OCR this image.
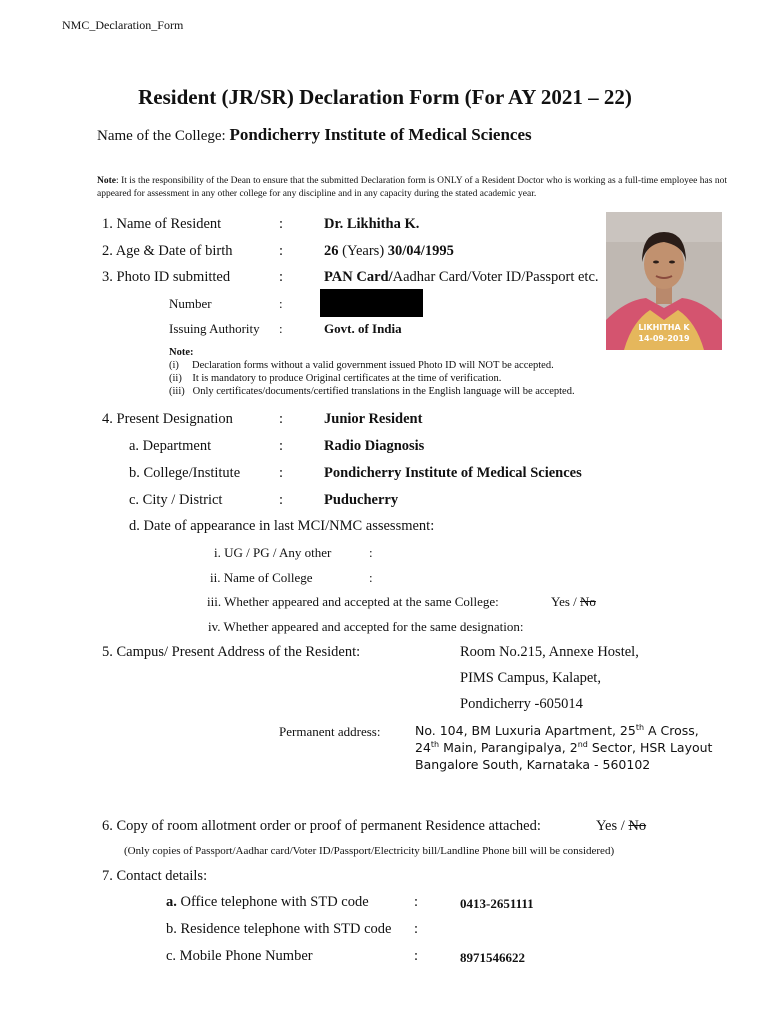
NMC_Declaration_Form
Resident (JR/SR) Declaration Form (For AY 2021 – 22)
Name of the College: Pondicherry Institute of Medical Sciences
Note: It is the responsibility of the Dean to ensure that the submitted Declaration form is ONLY of a Resident Doctor who is working as a full-time employee has not appeared for assessment in any other college for any discipline and in any capacity during the stated academic year.
1. Name of Resident	:	Dr. Likhitha K.
2. Age & Date of birth	:	26 (Years) 30/04/1995
3. Photo ID submitted	:	PAN Card/Aadhar Card/Voter ID/Passport etc.
Number	:
Issuing Authority :	Govt. of India	LIKHITHA K
14-09-2019
Note:
(i)     Declaration forms without a valid government issued Photo ID will NOT be accepted.
(ii)    It is mandatory to produce Original certificates at the time of verification.
(iii)   Only certificates/documents/certified translations in the English language will be accepted.
4. Present Designation	:	Junior Resident
a. Department	:	Radio Diagnosis
b. College/Institute	:	Pondicherry Institute of Medical Sciences
c. City / District	:	Puducherry
d. Date of appearance in last MCI/NMC assessment:
i. UG / PG / Any other	:
ii. Name of College	:
iii. Whether appeared and accepted at the same College:	Yes / No
iv. Whether appeared and accepted for the same designation:
5. Campus/ Present Address of the Resident:	Room No.215, Annexe Hostel,
PIMS Campus, Kalapet,
Pondicherry -605014
Permanent address:	No. 104, BM Luxuria Apartment, 25th A Cross,
24th Main, Parangipalya, 2nd Sector, HSR Layout
Bangalore South, Karnataka - 560102
6. Copy of room allotment order or proof of permanent Residence attached:	Yes / No
(Only copies of Passport/Aadhar card/Voter ID/Passport/Electricity bill/Landline Phone bill will be considered)
7. Contact details:
a. Office telephone with STD code	:	0413-2651111
b. Residence telephone with STD code :
c. Mobile Phone Number	:	8971546622
